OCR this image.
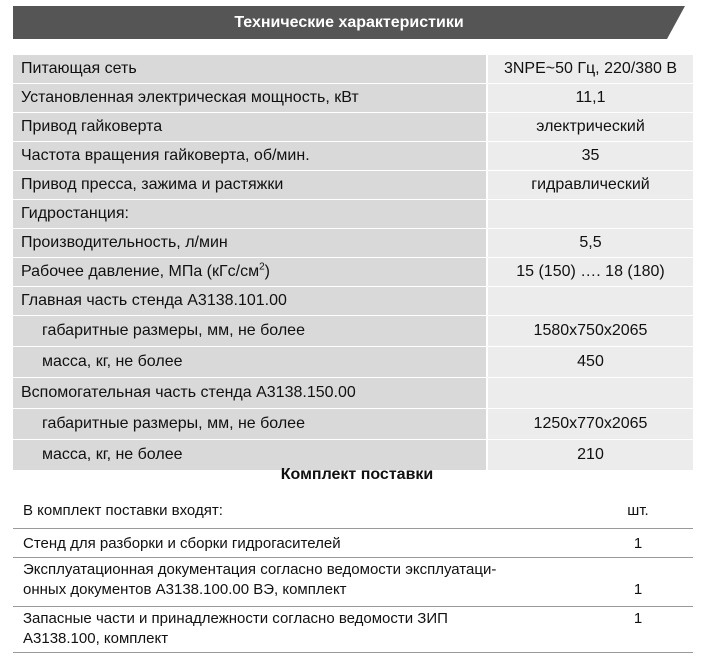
Технические характеристики
Питающая сеть	3NPE~50 Гц, 220/380 В
Установленная электрическая мощность, кВт	11,1
Привод гайковерта	электрический
Частота вращения гайковерта, об/мин.	35
Привод пресса, зажима и растяжки	гидравлический
Гидростанция:	
Производительность, л/мин	5,5
Рабочее давление, МПа $(кГс/см^2)$	15 (150) …. 18 (180)
Главная часть стенда А3138.101.00	
габаритные размеры, мм, не более	1580x750x2065
масса, кг, не более	450
Вспомогательная часть стенда А3138.150.00	
габаритные размеры, мм, не более	1250x770x2065
масса, кг, не более	210
Комплект поставки
В комплект поставки входят:	шт.
Стенд для разборки и сборки гидрогасителей	1

Эксплуатационная документация согласно ведомости эксплуатаци-
онных документов А3138.100.00 ВЭ, комплект	1

Запасные части и принадлежности согласно ведомости ЗИП
А3138.100, комплект	1
